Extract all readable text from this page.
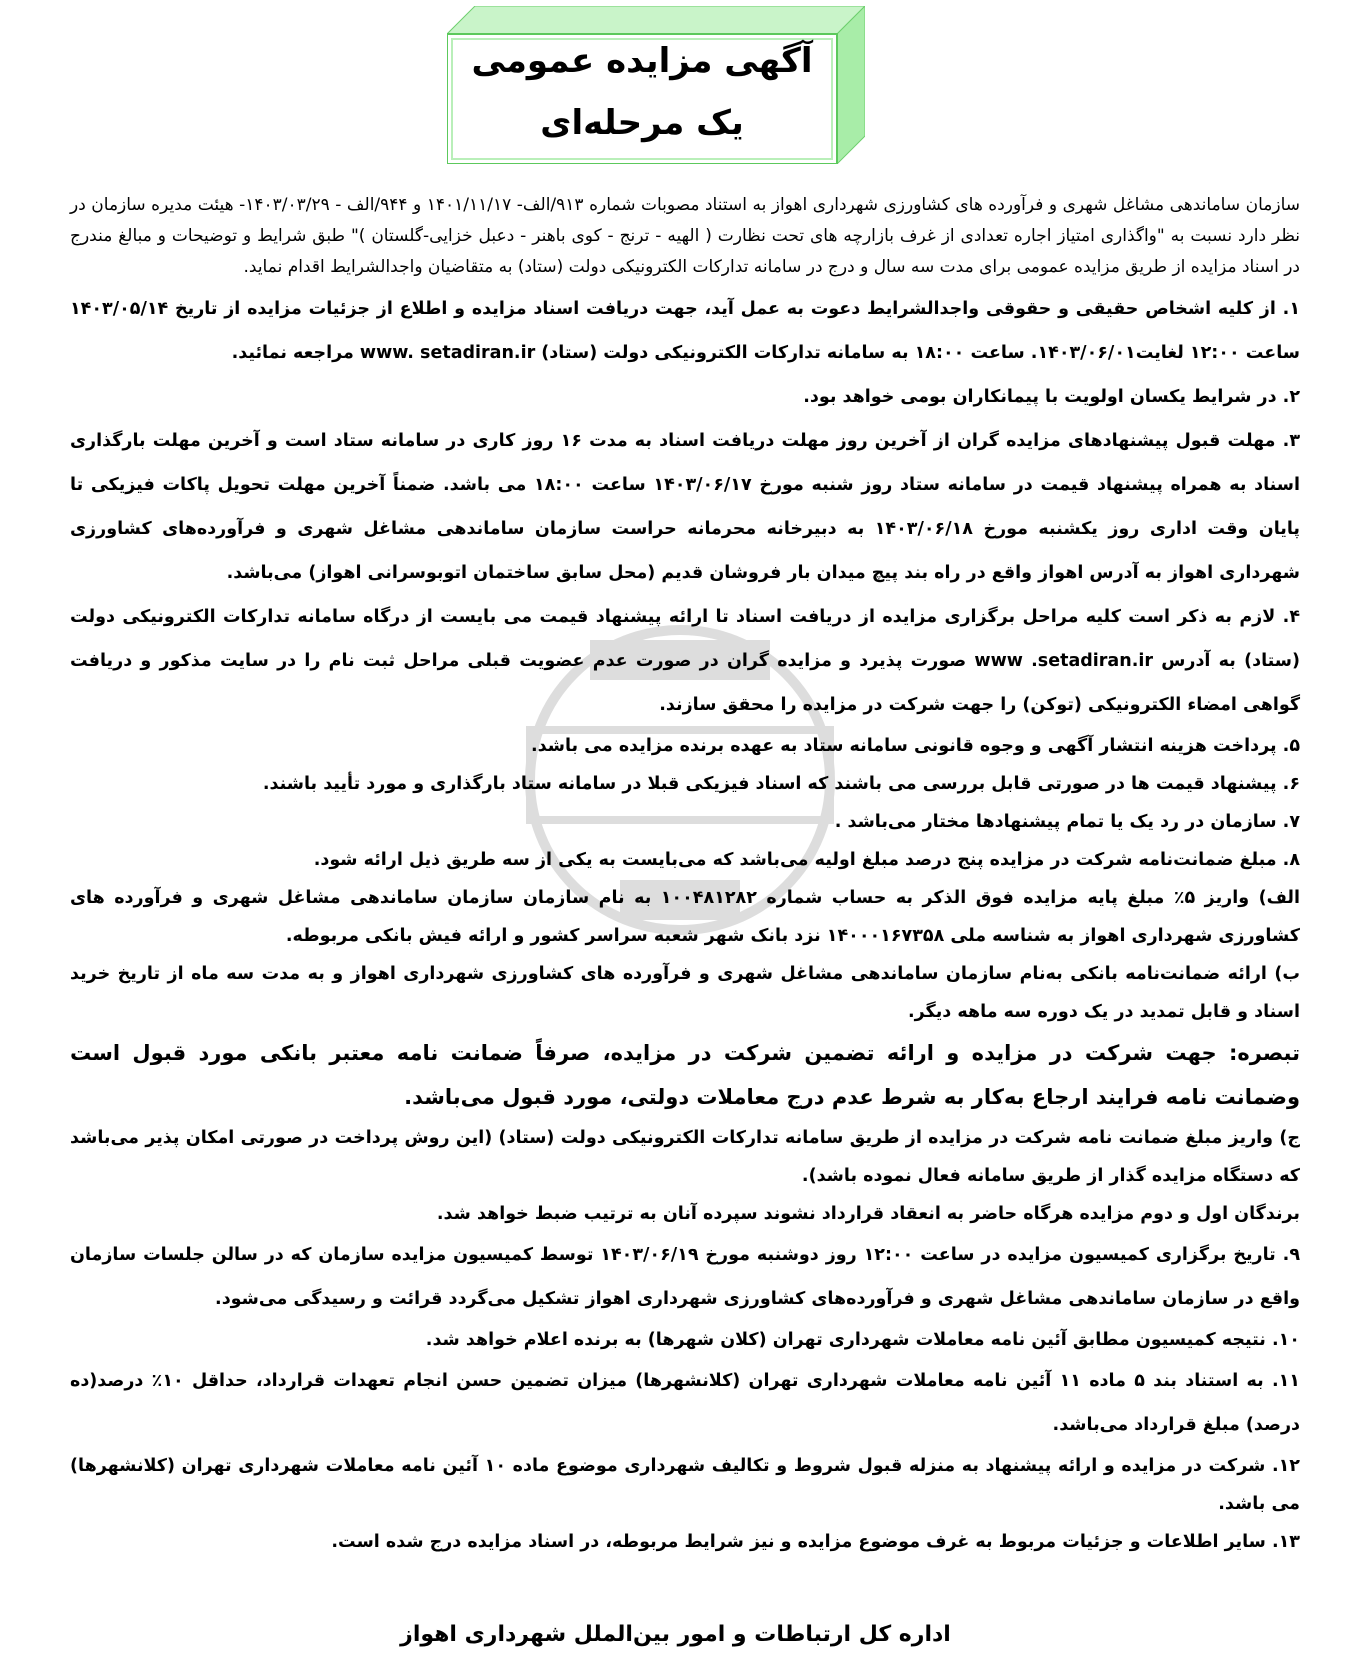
آگهی مزایده عمومی
یک مرحله‌ای

سازمان ساماندهی مشاغل شهری و فرآورده های کشاورزی شهرداری اهواز به استناد مصوبات شماره ۹۱۳/الف- ۱۴۰۱/۱۱/۱۷ و ۹۴۴/الف - ۱۴۰۳/۰۳/۲۹- هیئت مدیره سازمان در نظر دارد نسبت به "واگذاری امتیاز اجاره تعدادی از غرف بازارچه های تحت نظارت ( الهیه - ترنج - کوی باهنر - دعبل خزایی-گلستان )" طبق شرایط و توضیحات و مبالغ مندرج در اسناد مزایده از طریق مزایده عمومی برای مدت سه سال و درج در سامانه تدارکات الکترونیکی دولت (ستاد) به متقاضیان واجدالشرایط اقدام نماید.

۱. از کلیه اشخاص حقیقی و حقوقی واجدالشرایط دعوت به عمل آید، جهت دریافت اسناد مزایده و اطلاع از جزئیات مزایده از تاریخ ۱۴۰۳/۰۵/۱۴ ساعت ۱۲:۰۰ لغایت۱۴۰۳/۰۶/۰۱. ساعت ۱۸:۰۰ به سامانه تدارکات الکترونیکی دولت (ستاد) www. setadiran.ir مراجعه نمائید.

۲. در شرایط یکسان اولویت با پیمانکاران بومی خواهد بود.

۳. مهلت قبول پیشنهادهای مزایده گران از آخرین روز مهلت دریافت اسناد به مدت ۱۶ روز کاری در سامانه ستاد است و آخرین مهلت بارگذاری اسناد به همراه پیشنهاد قیمت در سامانه ستاد روز شنبه مورخ ۱۴۰۳/۰۶/۱۷ ساعت ۱۸:۰۰ می باشد. ضمناً آخرین مهلت تحویل پاکات فیزیکی تا پایان وقت اداری روز یکشنبه مورخ ۱۴۰۳/۰۶/۱۸ به دبیرخانه محرمانه حراست سازمان ساماندهی مشاغل شهری و فرآورده‌های کشاورزی شهرداری اهواز به آدرس اهواز واقع در راه بند پیچ میدان بار فروشان قدیم (محل سابق ساختمان اتوبوسرانی اهواز) می‌باشد.

۴. لازم به ذکر است کلیه مراحل برگزاری مزایده از دریافت اسناد تا ارائه پیشنهاد قیمت می بایست از درگاه سامانه تدارکات الکترونیکی دولت (ستاد) به آدرس www .setadiran.ir صورت پذیرد و مزایده گران در صورت عدم عضویت قبلی مراحل ثبت نام را در سایت مذکور و دریافت گواهی امضاء الکترونیکی (توکن) را جهت شرکت در مزایده را محقق سازند.

۵. پرداخت هزینه انتشار آگهی و وجوه قانونی سامانه ستاد به عهده برنده مزایده می باشد.

۶. پیشنهاد قیمت ها در صورتی قابل بررسی می باشند که اسناد فیزیکی قبلا در سامانه ستاد بارگذاری و مورد تأیید باشند.

۷. سازمان در رد یک یا تمام پیشنهادها مختار می‌باشد .

۸. مبلغ ضمانت‌نامه شرکت در مزایده پنج درصد مبلغ اولیه می‌باشد که می‌بایست به یکی از سه طریق ذیل ارائه شود.

الف) واریز ۵٪ مبلغ پایه مزایده فوق الذکر به حساب شماره ۱۰۰۴۸۱۲۸۲ به نام سازمان سازمان ساماندهی مشاغل شهری و فرآورده های کشاورزی شهرداری اهواز به شناسه ملی ۱۴۰۰۰۱۶۷۳۵۸ نزد بانک شهر شعبه سراسر کشور و ارائه فیش بانکی مربوطه.

ب) ارائه ضمانت‌نامه بانکی به‌نام سازمان ساماندهی مشاغل شهری و فرآورده های کشاورزی شهرداری اهواز و به مدت سه ماه از تاریخ خرید اسناد و قابل تمدید در یک دوره سه ماهه دیگر.

تبصره: جهت شرکت در مزایده و ارائه تضمین شرکت در مزایده، صرفاً ضمانت نامه معتبر بانکی مورد قبول است وضمانت نامه فرایند ارجاع به‌کار به شرط عدم درج معاملات دولتی، مورد قبول می‌باشد.

ج) واریز مبلغ ضمانت نامه شرکت در مزایده از طریق سامانه تدارکات الکترونیکی دولت (ستاد) (این روش پرداخت در صورتی امکان پذیر می‌باشد که دستگاه مزایده گذار از طریق سامانه فعال نموده باشد).

برندگان اول و دوم مزایده هرگاه حاضر به انعقاد قرارداد نشوند سپرده آنان به ترتیب ضبط خواهد شد.

۹. تاریخ برگزاری کمیسیون مزایده در ساعت ۱۲:۰۰ روز دوشنبه مورخ ۱۴۰۳/۰۶/۱۹ توسط کمیسیون مزایده سازمان که در سالن جلسات سازمان واقع در سازمان ساماندهی مشاغل شهری و فرآورده‌های کشاورزی شهرداری اهواز تشکیل می‌گردد قرائت و رسیدگی می‌شود.

۱۰. نتیجه کمیسیون مطابق آئین نامه معاملات شهرداری تهران (کلان شهرها) به برنده اعلام خواهد شد.

۱۱. به استناد بند ۵ ماده ۱۱ آئین نامه معاملات شهرداری تهران (کلانشهرها) میزان تضمین حسن انجام تعهدات قرارداد، حداقل ۱۰٪ درصد(ده درصد) مبلغ قرارداد می‌باشد.

۱۲. شرکت در مزایده و ارائه پیشنهاد به منزله قبول شروط و تکالیف شهرداری موضوع ماده ۱۰ آئین نامه معاملات شهرداری تهران (کلانشهرها) می باشد.

۱۳. سایر اطلاعات و جزئیات مربوط به غرف موضوع مزایده و نیز شرایط مربوطه، در اسناد مزایده درج شده است.

اداره کل ارتباطات و امور بین‌الملل شهرداری اهواز
